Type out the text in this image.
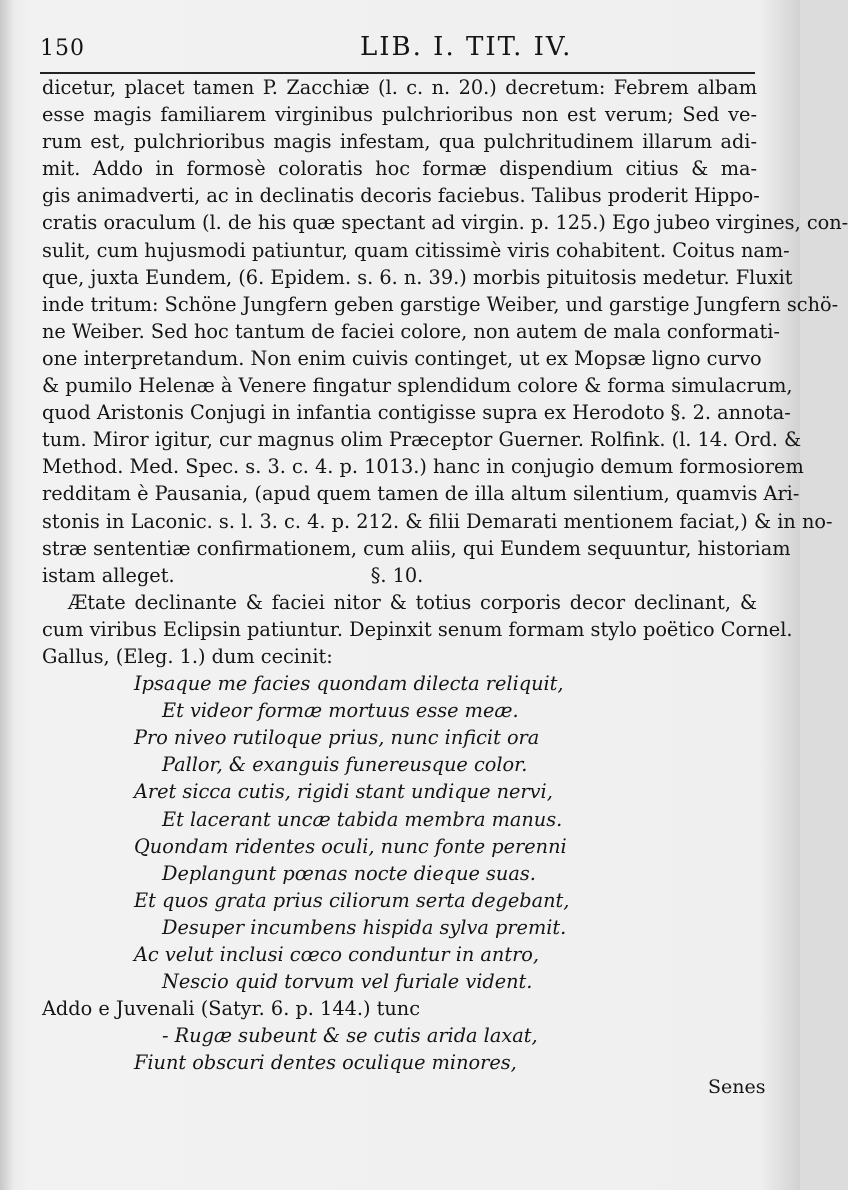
150	LIB. I. TIT. IV.
dicetur, placet tamen P. Zacchiæ (l. c. n. 20.) decretum: Febrem albam
esse magis familiarem virginibus pulchrioribus non est verum; Sed ve-
rum est, pulchrioribus magis infestam, qua pulchritudinem illarum adi-
mit. Addo in formosè coloratis hoc formæ dispendium citius & ma-
gis animadverti, ac in declinatis decoris faciebus. Talibus proderit Hippo-
cratis oraculum (l. de his quæ spectant ad virgin. p. 125.) Ego jubeo virgines, con-
sulit, cum hujusmodi patiuntur, quam citissimè viris cohabitent. Coitus nam-
que, juxta Eundem, (6. Epidem. s. 6. n. 39.) morbis pituitosis medetur. Fluxit
inde tritum: Schöne Jungfern geben garstige Weiber, und garstige Jungfern schö-
ne Weiber. Sed hoc tantum de faciei colore, non autem de mala conformati-
one interpretandum. Non enim cuivis continget, ut ex Mopsæ ligno curvo
& pumilo Helenæ à Venere fingatur splendidum colore & forma simulacrum,
quod Aristonis Conjugi in infantia contigisse supra ex Herodoto §. 2. annota-
tum. Miror igitur, cur magnus olim Præceptor Guerner. Rolfink. (l. 14. Ord. &
Method. Med. Spec. s. 3. c. 4. p. 1013.) hanc in conjugio demum formosiorem
redditam è Pausania, (apud quem tamen de illa altum silentium, quamvis Ari-
stonis in Laconic. s. l. 3. c. 4. p. 212. & filii Demarati mentionem faciat,) & in no-
stræ sententiæ confirmationem, cum aliis, qui Eundem sequuntur, historiam
istam alleget.	§. 10.
Ætate declinante & faciei nitor & totius corporis decor declinant, &
cum viribus Eclipsin patiuntur. Depinxit senum formam stylo poëtico Cornel.
Gallus, (Eleg. 1.) dum cecinit:
Ipsaque me facies quondam dilecta reliquit,
Et videor formæ mortuus esse meæ.
Pro niveo rutiloque prius, nunc inficit ora
Pallor, & exanguis funereusque color.
Aret sicca cutis, rigidi stant undique nervi,
Et lacerant uncæ tabida membra manus.
Quondam ridentes oculi, nunc fonte perenni
Deplangunt pœnas nocte dieque suas.
Et quos grata prius ciliorum serta degebant,
Desuper incumbens hispida sylva premit.
Ac velut inclusi cœco conduntur in antro,
Nescio quid torvum vel furiale vident.
Addo e Juvenali (Satyr. 6. p. 144.) tunc
- Rugæ subeunt & se cutis arida laxat,
Fiunt obscuri dentes oculique minores,
Senes
